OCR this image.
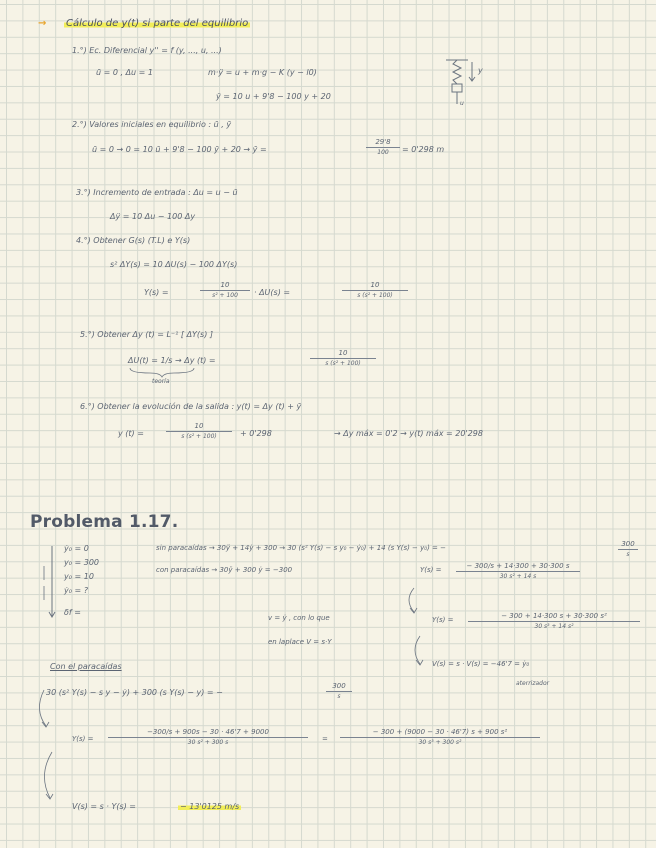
→ Cálculo de y(t) si parte del equilibrio
1.°) Ec. Diferencial y'' = f (y, ..., u, ...)
ū = 0 , Δu = 1	m·ÿ = u + m·g − K (y − l0)
ÿ = 10 u + 9'8 − 100 y + 20
u
y
2.°) Valores iniciales en equilibrio : ū , ȳ
ū = 0 → 0 = 10 ū + 9'8 − 100 ȳ + 20 → ȳ =	$\frac{29'8}{100} = 0'298$ m
3.°) Incremento de entrada : Δu = u − ū
Δÿ = 10 Δu − 100 Δy
4.°) Obtener G(s) (T.L) e Y(s)
s² ΔY(s) = 10 ΔU(s) − 100 ΔY(s)
Y(s) =	$\frac{10}{\text{s² + 100}} \cdot \Delta U(s)$ =	$\frac{10}{\text{s (s² + 100)}}$
5.°) Obtener Δy (t) = L⁻¹ [ ΔY(s) ]
ΔU(t) = 1/s → Δy (t) =	$\frac{10}{\text{s (s² + 100)}}$
teoría
6.°) Obtener la evolución de la salida : y(t) = Δy (t) + ȳ
y (t) =	$\frac{10}{\text{s (s² + 100)}} + 0'298$	→ Δy máx = 0'2 → y(t) máx = 20'298
Problema 1.17.
ẏ₀ = 0
y₀ = 300
y₀ = 10
ẏ₀ = ?
δf =
sin paracaídas → 30ÿ + 14ẏ + 300 → 30 (s² Y(s) − s y₀ − ẏ₀) + 14 (s Y(s) − y₀) = −	$\frac{300}{s}$
con paracaídas → 30ÿ + 300 ẏ = −300	$Y(s) = \frac{- 300/s + 14\cdot 300 + 30\cdot 300 s}{\text{30 s² + 14 s}}$
v = ẏ , con lo que
en laplace V = s·Y
$Y(s) = \frac{\text{− 300 + 14·300 s + 30·300 s²}}{\text{30 s³ + 14 s²}}$
V(s) = s · V(s) = −46'7 = ẏ₀
aterrizador
Con el paracaídas
30 (s² Y(s) − s y − ẏ) + 300 (s Y(s) − y) = −	$\frac{300}{s}$
$Y(s) = \frac{-300/s + 900s - 30 \cdot 46'7 + 9000}{\text{30 s² + 300 s}} = \frac{\text{− 300 + (9000 − 30 · 46'7) s + 900 s²}}{\text{30 s³ + 300 s²}}$
V(s) = s · Y(s) =	− 13'0125 m/s
